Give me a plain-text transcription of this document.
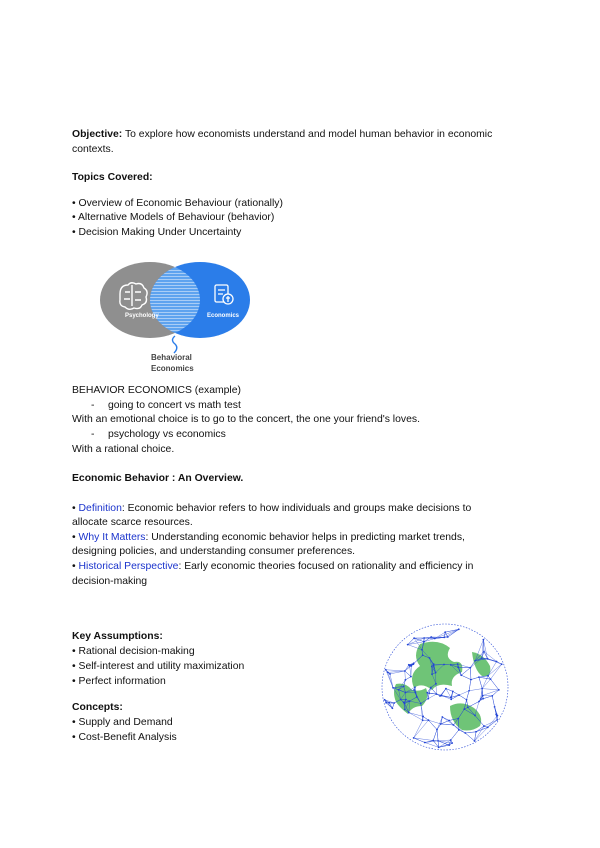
Objective: To explore how economists understand and model human behavior in economic
contexts.
Topics Covered:
• Overview of Economic Behaviour (rationally)
• Alternative Models of Behaviour (behavior)
• Decision Making Under Uncertainty
Psychology	Economics
Behavioral
Economics
BEHAVIOR ECONOMICS (example)
- going to concert vs math test
With an emotional choice is to go to the concert, the one your friend's loves.
- psychology vs economics
With a rational choice.
Economic Behavior : An Overview.
• Definition: Economic behavior refers to how individuals and groups make decisions to
allocate scarce resources.
• Why It Matters: Understanding economic behavior helps in predicting market trends,
designing policies, and understanding consumer preferences.
• Historical Perspective: Early economic theories focused on rationality and efficiency in
decision-making
Key Assumptions:
• Rational decision-making
• Self-interest and utility maximization
• Perfect information
Concepts:
• Supply and Demand
• Cost-Benefit Analysis
